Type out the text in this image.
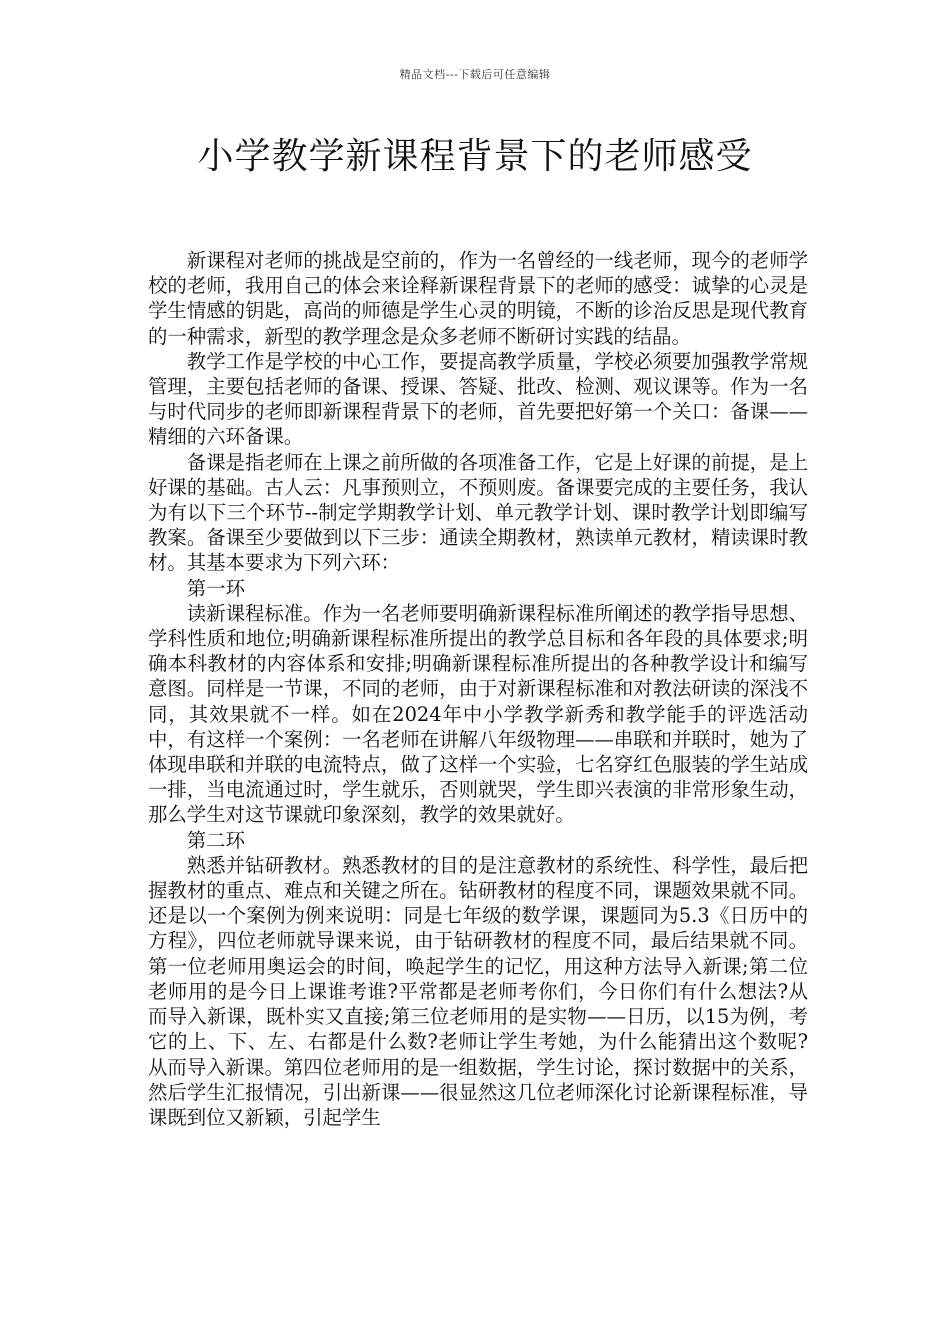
精品文档---下载后可任意编辑
小学教学新课程背景下的老师感受

新课程对老师的挑战是空前的，作为一名曾经的一线老师，现今的老师学校的老师，我用自己的体会来诠释新课程背景下的老师的感受：诚挚的心灵是学生情感的钥匙，高尚的师德是学生心灵的明镜，不断的诊治反思是现代教育的一种需求，新型的教学理念是众多老师不断研讨实践的结晶。

教学工作是学校的中心工作，要提高教学质量，学校必须要加强教学常规管理，主要包括老师的备课、授课、答疑、批改、检测、观议课等。作为一名与时代同步的老师即新课程背景下的老师，首先要把好第一个关口：备课——精细的六环备课。

备课是指老师在上课之前所做的各项准备工作，它是上好课的前提，是上好课的基础。古人云：凡事预则立，不预则废。备课要完成的主要任务，我认为有以下三个环节--制定学期教学计划、单元教学计划、课时教学计划即编写教案。备课至少要做到以下三步：通读全期教材，熟读单元教材，精读课时教材。其基本要求为下列六环：

第一环

读新课程标准。作为一名老师要明确新课程标准所阐述的教学指导思想、学科性质和地位;明确新课程标准所提出的教学总目标和各年段的具体要求;明确本科教材的内容体系和安排;明确新课程标准所提出的各种教学设计和编写意图。同样是一节课，不同的老师，由于对新课程标准和对教法研读的深浅不同，其效果就不一样。如在2024年中小学教学新秀和教学能手的评选活动中，有这样一个案例：一名老师在讲解八年级物理——串联和并联时，她为了体现串联和并联的电流特点，做了这样一个实验，七名穿红色服装的学生站成一排，当电流通过时，学生就乐，否则就哭，学生即兴表演的非常形象生动，那么学生对这节课就印象深刻，教学的效果就好。

第二环

熟悉并钻研教材。熟悉教材的目的是注意教材的系统性、科学性，最后把握教材的重点、难点和关键之所在。钻研教材的程度不同，课题效果就不同。还是以一个案例为例来说明：同是七年级的数学课，课题同为5.3《日历中的方程》，四位老师就导课来说，由于钻研教材的程度不同，最后结果就不同。第一位老师用奥运会的时间，唤起学生的记忆，用这种方法导入新课;第二位老师用的是今日上课谁考谁?平常都是老师考你们，今日你们有什么想法?从而导入新课，既朴实又直接;第三位老师用的是实物——日历，以15为例，考它的上、下、左、右都是什么数?老师让学生考她，为什么能猜出这个数呢?从而导入新课。第四位老师用的是一组数据，学生讨论，探讨数据中的关系，然后学生汇报情况，引出新课——很显然这几位老师深化讨论新课程标准，导课既到位又新颖，引起学生
